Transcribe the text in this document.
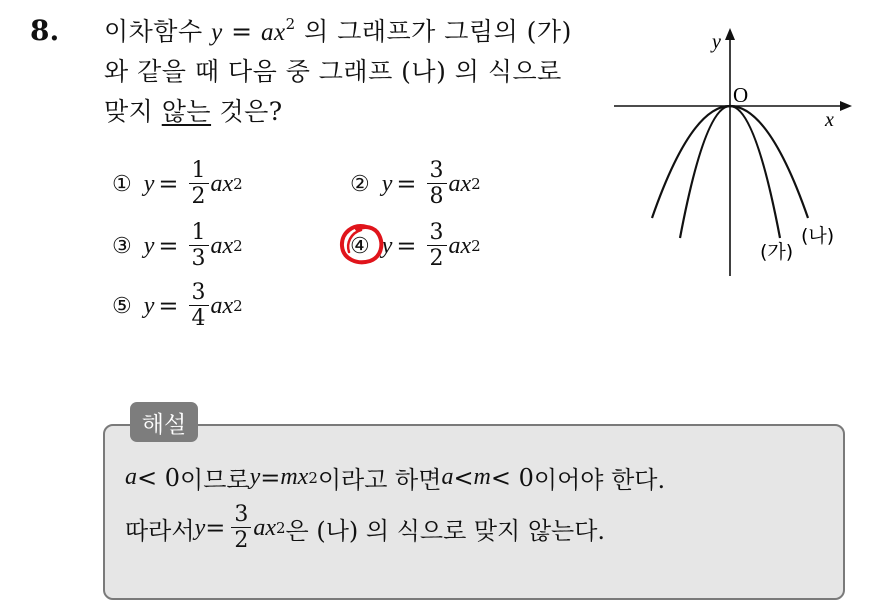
8. 이차함수 $y = ax^2$ 의 그래프가 그림의 (가)
와 같을 때 다음 중 그래프 (나) 의 식으로
맞지 않는 것은?
① $y = \frac{1}{2}$ ax 2	② $y = \frac{3}{8}$ ax 2
③ $y = \frac{1}{3}$ ax 2	④ $y = \frac{3}{2}$ ax 2
⑤ $y = \frac{3}{4}$ ax 2
y
x
O
(가)
(나)
해설
a < 0 이므로 y = mx 2 이라고 하면 a < m < 0 이어야 한다.
따라서 $y = \frac{3}{2}$ ax 2 은 (나) 의 식으로 맞지 않는다.
